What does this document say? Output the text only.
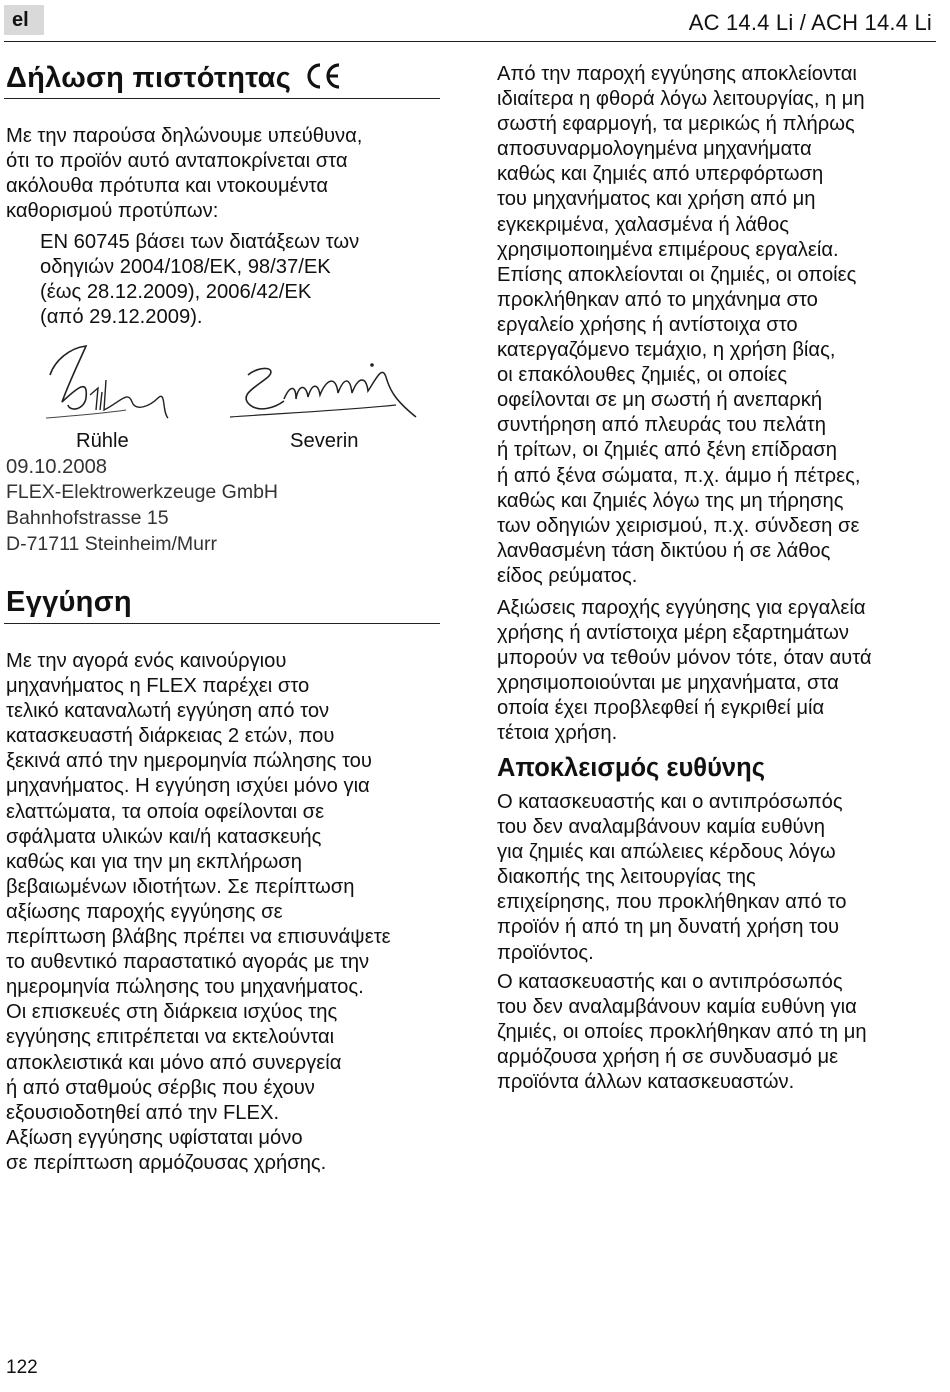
el	AC 14.4 Li / ACH 14.4 Li
Δήλωση πιστότητας

Με την παρούσα δηλώνουμε υπεύθυνα,
ότι το προϊόν αυτό ανταποκρίνεται στα
ακόλουθα πρότυπα και ντοκουμέντα
καθορισμού προτύπων:

EN 60745 βάσει των διατάξεων των
οδηγιών 2004/108/EK, 98/37/EK
(έως 28.12.2009), 2006/42/EK
(από 29.12.2009).

Rühle	Severin

09.10.2008

FLEX-Elektrowerkzeuge GmbH
Bahnhofstrasse 15
D-71711 Steinheim/Murr

Εγγύηση

Με την αγορά ενός καινούργιου
μηχανήματος η FLEX παρέχει στο
τελικό καταναλωτή εγγύηση από τον
κατασκευαστή διάρκειας 2 ετών, που
ξεκινά από την ημερομηνία πώλησης του
μηχανήματος. Η εγγύηση ισχύει μόνο για
ελαττώματα, τα οποία οφείλονται σε
σφάλματα υλικών και/ή κατασκευής
καθώς και για την μη εκπλήρωση
βεβαιωμένων ιδιοτήτων. Σε περίπτωση
αξίωσης παροχής εγγύησης σε
περίπτωση βλάβης πρέπει να επισυνάψετε
το αυθεντικό παραστατικό αγοράς με την
ημερομηνία πώλησης του μηχανήματος.
Οι επισκευές στη διάρκεια ισχύος της
εγγύησης επιτρέπεται να εκτελούνται
αποκλειστικά και μόνο από συνεργεία
ή από σταθμούς σέρβις που έχουν
εξουσιοδοτηθεί από την FLEX.
Αξίωση εγγύησης υφίσταται μόνο
σε περίπτωση αρμόζουσας χρήσης.

Από την παροχή εγγύησης αποκλείονται
ιδιαίτερα η φθορά λόγω λειτουργίας, η μη
σωστή εφαρμογή, τα μερικώς ή πλήρως
αποσυναρμολογημένα μηχανήματα
καθώς και ζημιές από υπερφόρτωση
του μηχανήματος και χρήση από μη
εγκεκριμένα, χαλασμένα ή λάθος
χρησιμοποιημένα επιμέρους εργαλεία.
Επίσης αποκλείονται οι ζημιές, οι οποίες
προκλήθηκαν από το μηχάνημα στο
εργαλείο χρήσης ή αντίστοιχα στο
κατεργαζόμενο τεμάχιο, η χρήση βίας,
οι επακόλουθες ζημιές, οι οποίες
οφείλονται σε μη σωστή ή ανεπαρκή
συντήρηση από πλευράς του πελάτη
ή τρίτων, οι ζημιές από ξένη επίδραση
ή από ξένα σώματα, π.χ. άμμο ή πέτρες,
καθώς και ζημιές λόγω της μη τήρησης
των οδηγιών χειρισμού, π.χ. σύνδεση σε
λανθασμένη τάση δικτύου ή σε λάθος
είδος ρεύματος.

Αξιώσεις παροχής εγγύησης για εργαλεία
χρήσης ή αντίστοιχα μέρη εξαρτημάτων
μπορούν να τεθούν μόνον τότε, όταν αυτά
χρησιμοποιούνται με μηχανήματα, στα
οποία έχει προβλεφθεί ή εγκριθεί μία
τέτοια χρήση.

Αποκλεισμός ευθύνης

Ο κατασκευαστής και ο αντιπρόσωπός
του δεν αναλαμβάνουν καμία ευθύνη
για ζημιές και απώλειες κέρδους λόγω
διακοπής της λειτουργίας της
επιχείρησης, που προκλήθηκαν από το
προϊόν ή από τη μη δυνατή χρήση του
προϊόντος.

Ο κατασκευαστής και ο αντιπρόσωπός
του δεν αναλαμβάνουν καμία ευθύνη για
ζημιές, οι οποίες προκλήθηκαν από τη μη
αρμόζουσα χρήση ή σε συνδυασμό με
προϊόντα άλλων κατασκευαστών.

122
